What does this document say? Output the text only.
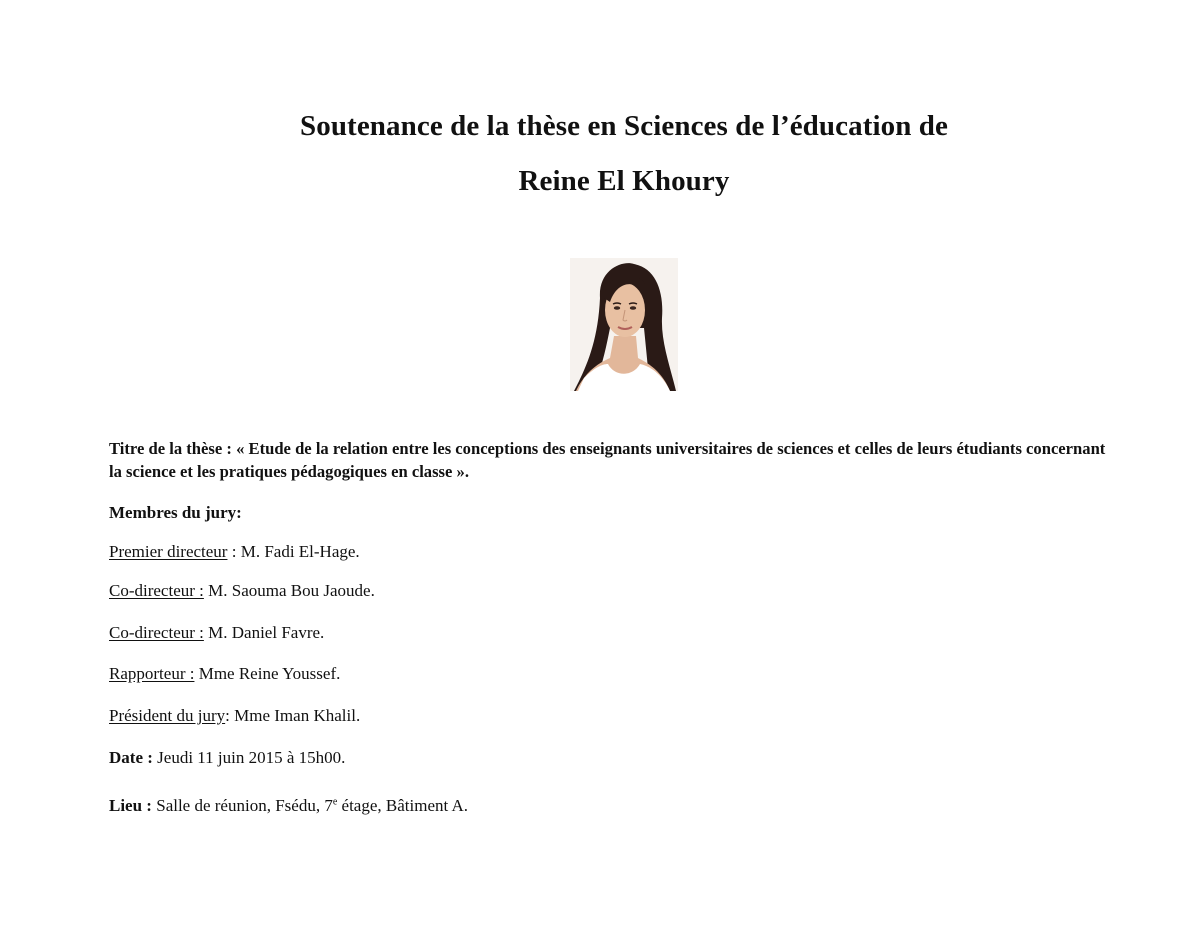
Soutenance de la thèse en Sciences de l’éducation de
Reine El Khoury
Titre de la thèse : « Etude de la relation entre les conceptions des enseignants universitaires de sciences et celles de leurs étudiants concernant la science et les pratiques pédagogiques en classe ».
Membres du jury:
Premier directeur : M. Fadi El-Hage.
Co-directeur : M. Saouma Bou Jaoude.
Co-directeur : M. Daniel Favre.
Rapporteur : Mme Reine Youssef.
Président du jury: Mme Iman Khalil.
Date : Jeudi 11 juin 2015 à 15h00.
Lieu : Salle de réunion, Fsédu, 7e étage, Bâtiment A.
